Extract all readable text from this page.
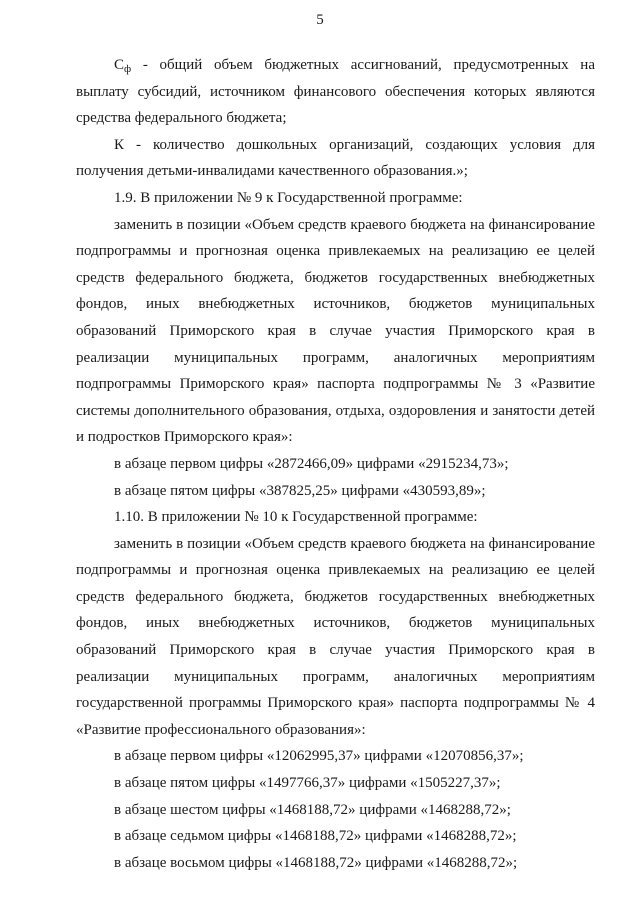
5

$С_ф$ - общий объем бюджетных ассигнований, предусмотренных на выплату субсидий, источником финансового обеспечения которых являются средства федерального бюджета;

К - количество дошкольных организаций, создающих условия для получения детьми-инвалидами качественного образования.»;

1.9. В приложении № 9 к Государственной программе:

заменить в позиции «Объем средств краевого бюджета на финансирование подпрограммы и прогнозная оценка привлекаемых на реализацию ее целей средств федерального бюджета, бюджетов государственных внебюджетных фондов, иных внебюджетных источников, бюджетов муниципальных образований Приморского края в случае участия Приморского края в реализации муниципальных программ, аналогичных мероприятиям подпрограммы Приморского края» паспорта подпрограммы № 3 «Развитие системы дополнительного образования, отдыха, оздоровления и занятости детей и подростков Приморского края»:

в абзаце первом цифры «2872466,09» цифрами «2915234,73»;

в абзаце пятом цифры «387825,25» цифрами «430593,89»;

1.10. В приложении № 10 к Государственной программе:

заменить в позиции «Объем средств краевого бюджета на финансирование подпрограммы и прогнозная оценка привлекаемых на реализацию ее целей средств федерального бюджета, бюджетов государственных внебюджетных фондов, иных внебюджетных источников, бюджетов муниципальных образований Приморского края в случае участия Приморского края в реализации муниципальных программ, аналогичных мероприятиям государственной программы Приморского края» паспорта подпрограммы № 4 «Развитие профессионального образования»:

в абзаце первом цифры «12062995,37» цифрами «12070856,37»;

в абзаце пятом цифры «1497766,37» цифрами «1505227,37»;

в абзаце шестом цифры «1468188,72» цифрами «1468288,72»;

в абзаце седьмом цифры «1468188,72» цифрами «1468288,72»;

в абзаце восьмом цифры «1468188,72» цифрами «1468288,72»;
